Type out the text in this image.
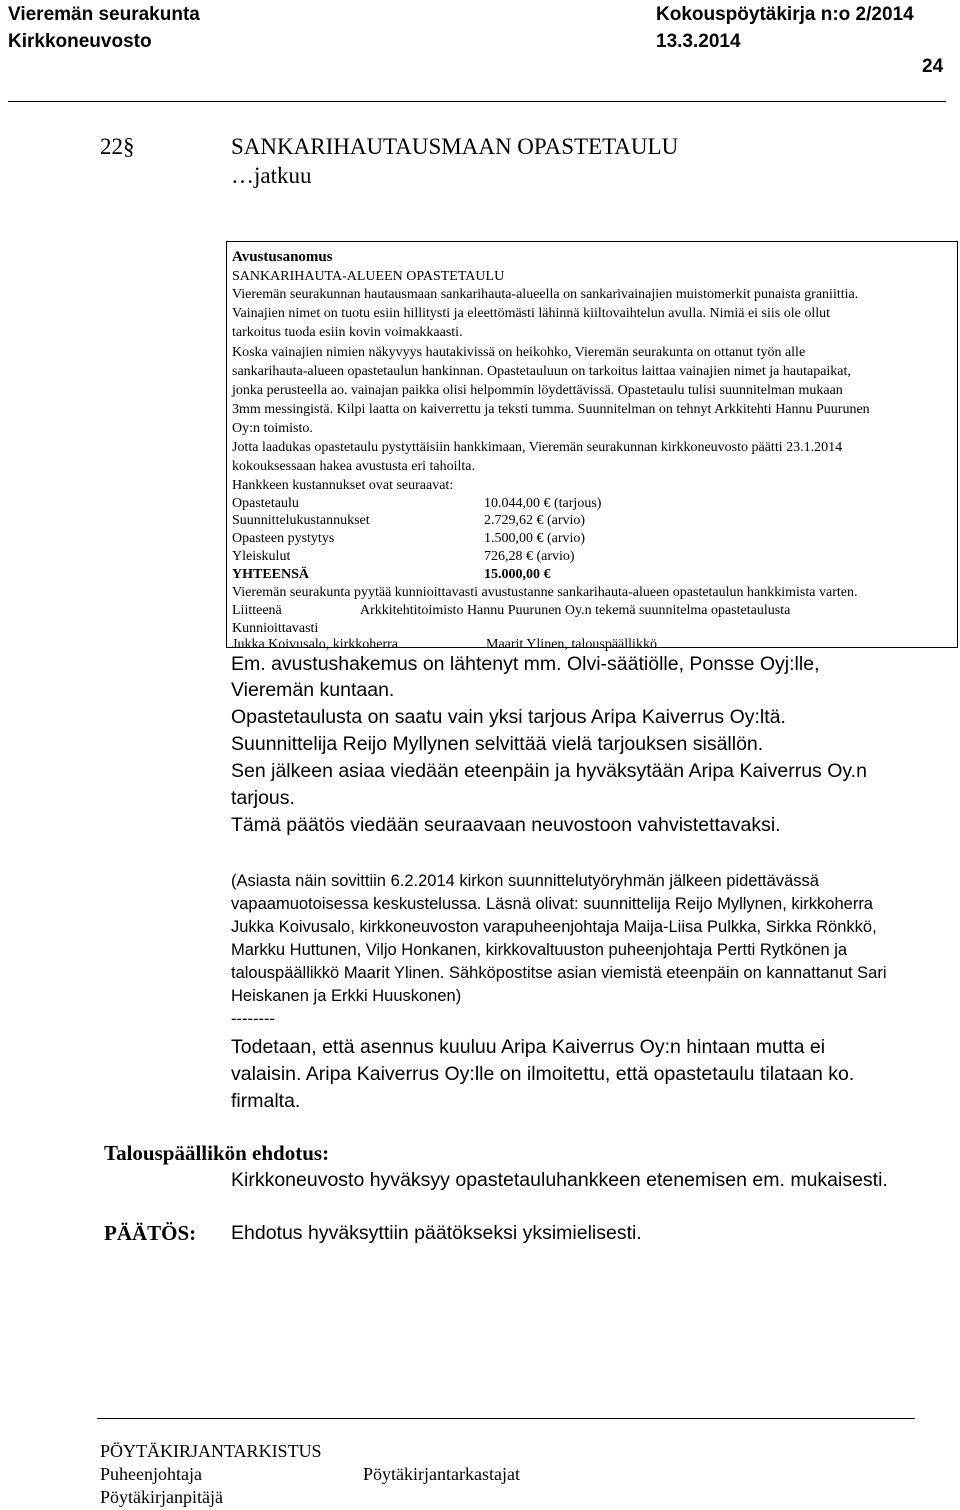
Vieremän seurakunta
Kirkkoneuvosto
Kokouspöytäkirja n:o 2/2014
13.3.2014
24
22§	SANKARIHAUTAUSMAAN OPASTETAULU
…jatkuu
Avustusanomus
SANKARIHAUTA-ALUEEN OPASTETAULU
Vieremän seurakunnan hautausmaan sankarihauta-alueella on sankarivainajien muistomerkit punaista graniittia.
Vainajien nimet on tuotu esiin hillitysti ja eleettömästi lähinnä kiiltovaihtelun avulla. Nimiä ei siis ole ollut
tarkoitus tuoda esiin kovin voimakkaasti.
Koska vainajien nimien näkyvyys hautakivissä on heikohko, Vieremän seurakunta on ottanut työn alle
sankarihauta-alueen opastetaulun hankinnan. Opastetauluun on tarkoitus laittaa vainajien nimet ja hautapaikat,
jonka perusteella ao. vainajan paikka olisi helpommin löydettävissä. Opastetaulu tulisi suunnitelman mukaan
3mm messingistä. Kilpi laatta on kaiverrettu ja teksti tumma. Suunnitelman on tehnyt Arkkitehti Hannu Puurunen
Oy:n toimisto.
Jotta laadukas opastetaulu pystyttäisiin hankkimaan, Vieremän seurakunnan kirkkoneuvosto päätti 23.1.2014
kokouksessaan hakea avustusta eri tahoilta.
Hankkeen kustannukset ovat seuraavat:
Opastetaulu	10.044,00 € (tarjous)
Suunnittelukustannukset	2.729,62 € (arvio)
Opasteen pystytys	1.500,00 € (arvio)
Yleiskulut	726,28 € (arvio)
YHTEENSÄ	15.000,00 €
Vieremän seurakunta pyytää kunnioittavasti avustustanne sankarihauta-alueen opastetaulun hankkimista varten.
Liitteenä	Arkkitehtitoimisto Hannu Puurunen Oy.n tekemä suunnitelma opastetaulusta
Kunnioittavasti
Jukka Koivusalo, kirkkoherra	Maarit Ylinen, talouspäällikkö
Em. avustushakemus on lähtenyt mm. Olvi-säätiölle, Ponsse Oyj:lle,
Vieremän kuntaan.
Opastetaulusta on saatu vain yksi tarjous Aripa Kaiverrus Oy:ltä.
Suunnittelija Reijo Myllynen selvittää vielä tarjouksen sisällön.
Sen jälkeen asiaa viedään eteenpäin ja hyväksytään Aripa Kaiverrus Oy.n
tarjous.
Tämä päätös viedään seuraavaan neuvostoon vahvistettavaksi.
(Asiasta näin sovittiin 6.2.2014 kirkon suunnittelutyöryhmän jälkeen pidettävässä
vapaamuotoisessa keskustelussa. Läsnä olivat: suunnittelija Reijo Myllynen, kirkkoherra
Jukka Koivusalo, kirkkoneuvoston varapuheenjohtaja Maija-Liisa Pulkka, Sirkka Rönkkö,
Markku Huttunen, Viljo Honkanen, kirkkovaltuuston puheenjohtaja Pertti Rytkönen ja
talouspäällikkö Maarit Ylinen. Sähköpostitse asian viemistä eteenpäin on kannattanut Sari
Heiskanen ja Erkki Huuskonen)
--------
Todetaan, että asennus kuuluu Aripa Kaiverrus Oy:n hintaan mutta ei
valaisin. Aripa Kaiverrus Oy:lle on ilmoitettu, että opastetaulu tilataan ko.
firmalta.
Talouspäällikön ehdotus:
Kirkkoneuvosto hyväksyy opastetauluhankkeen etenemisen em. mukaisesti.
PÄÄTÖS: Ehdotus hyväksyttiin päätökseksi yksimielisesti.
PÖYTÄKIRJANTARKISTUS
Puheenjohtaja	Pöytäkirjantarkastajat
Pöytäkirjanpitäjä
